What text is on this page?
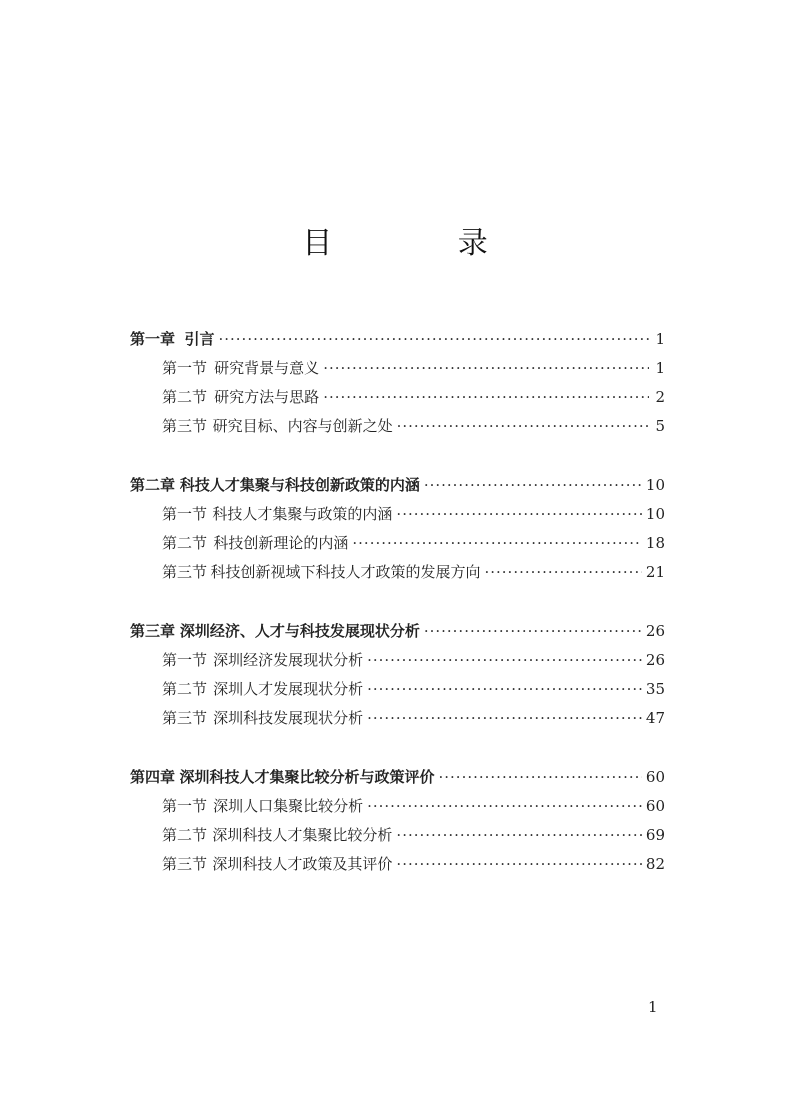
目 录
第一章 引言 ·····	1
第一节 研究背景与意义 ·····	1
第二节 研究方法与思路 ·····	2
第三节 研究目标、内容与创新之处 ·····	5
第二章 科技人才集聚与科技创新政策的内涵 ·····	10
第一节 科技人才集聚与政策的内涵 ·····	10
第二节 科技创新理论的内涵 ·····	18
第三节 科技创新视域下科技人才政策的发展方向 ·····	21
第三章 深圳经济、人才与科技发展现状分析 ·····	26
第一节 深圳经济发展现状分析 ·····	26
第二节 深圳人才发展现状分析 ·····	35
第三节 深圳科技发展现状分析 ·····	47
第四章 深圳科技人才集聚比较分析与政策评价 ·····	60
第一节 深圳人口集聚比较分析 ·····	60
第二节 深圳科技人才集聚比较分析 ·····	69
第三节 深圳科技人才政策及其评价 ·····	82
1
